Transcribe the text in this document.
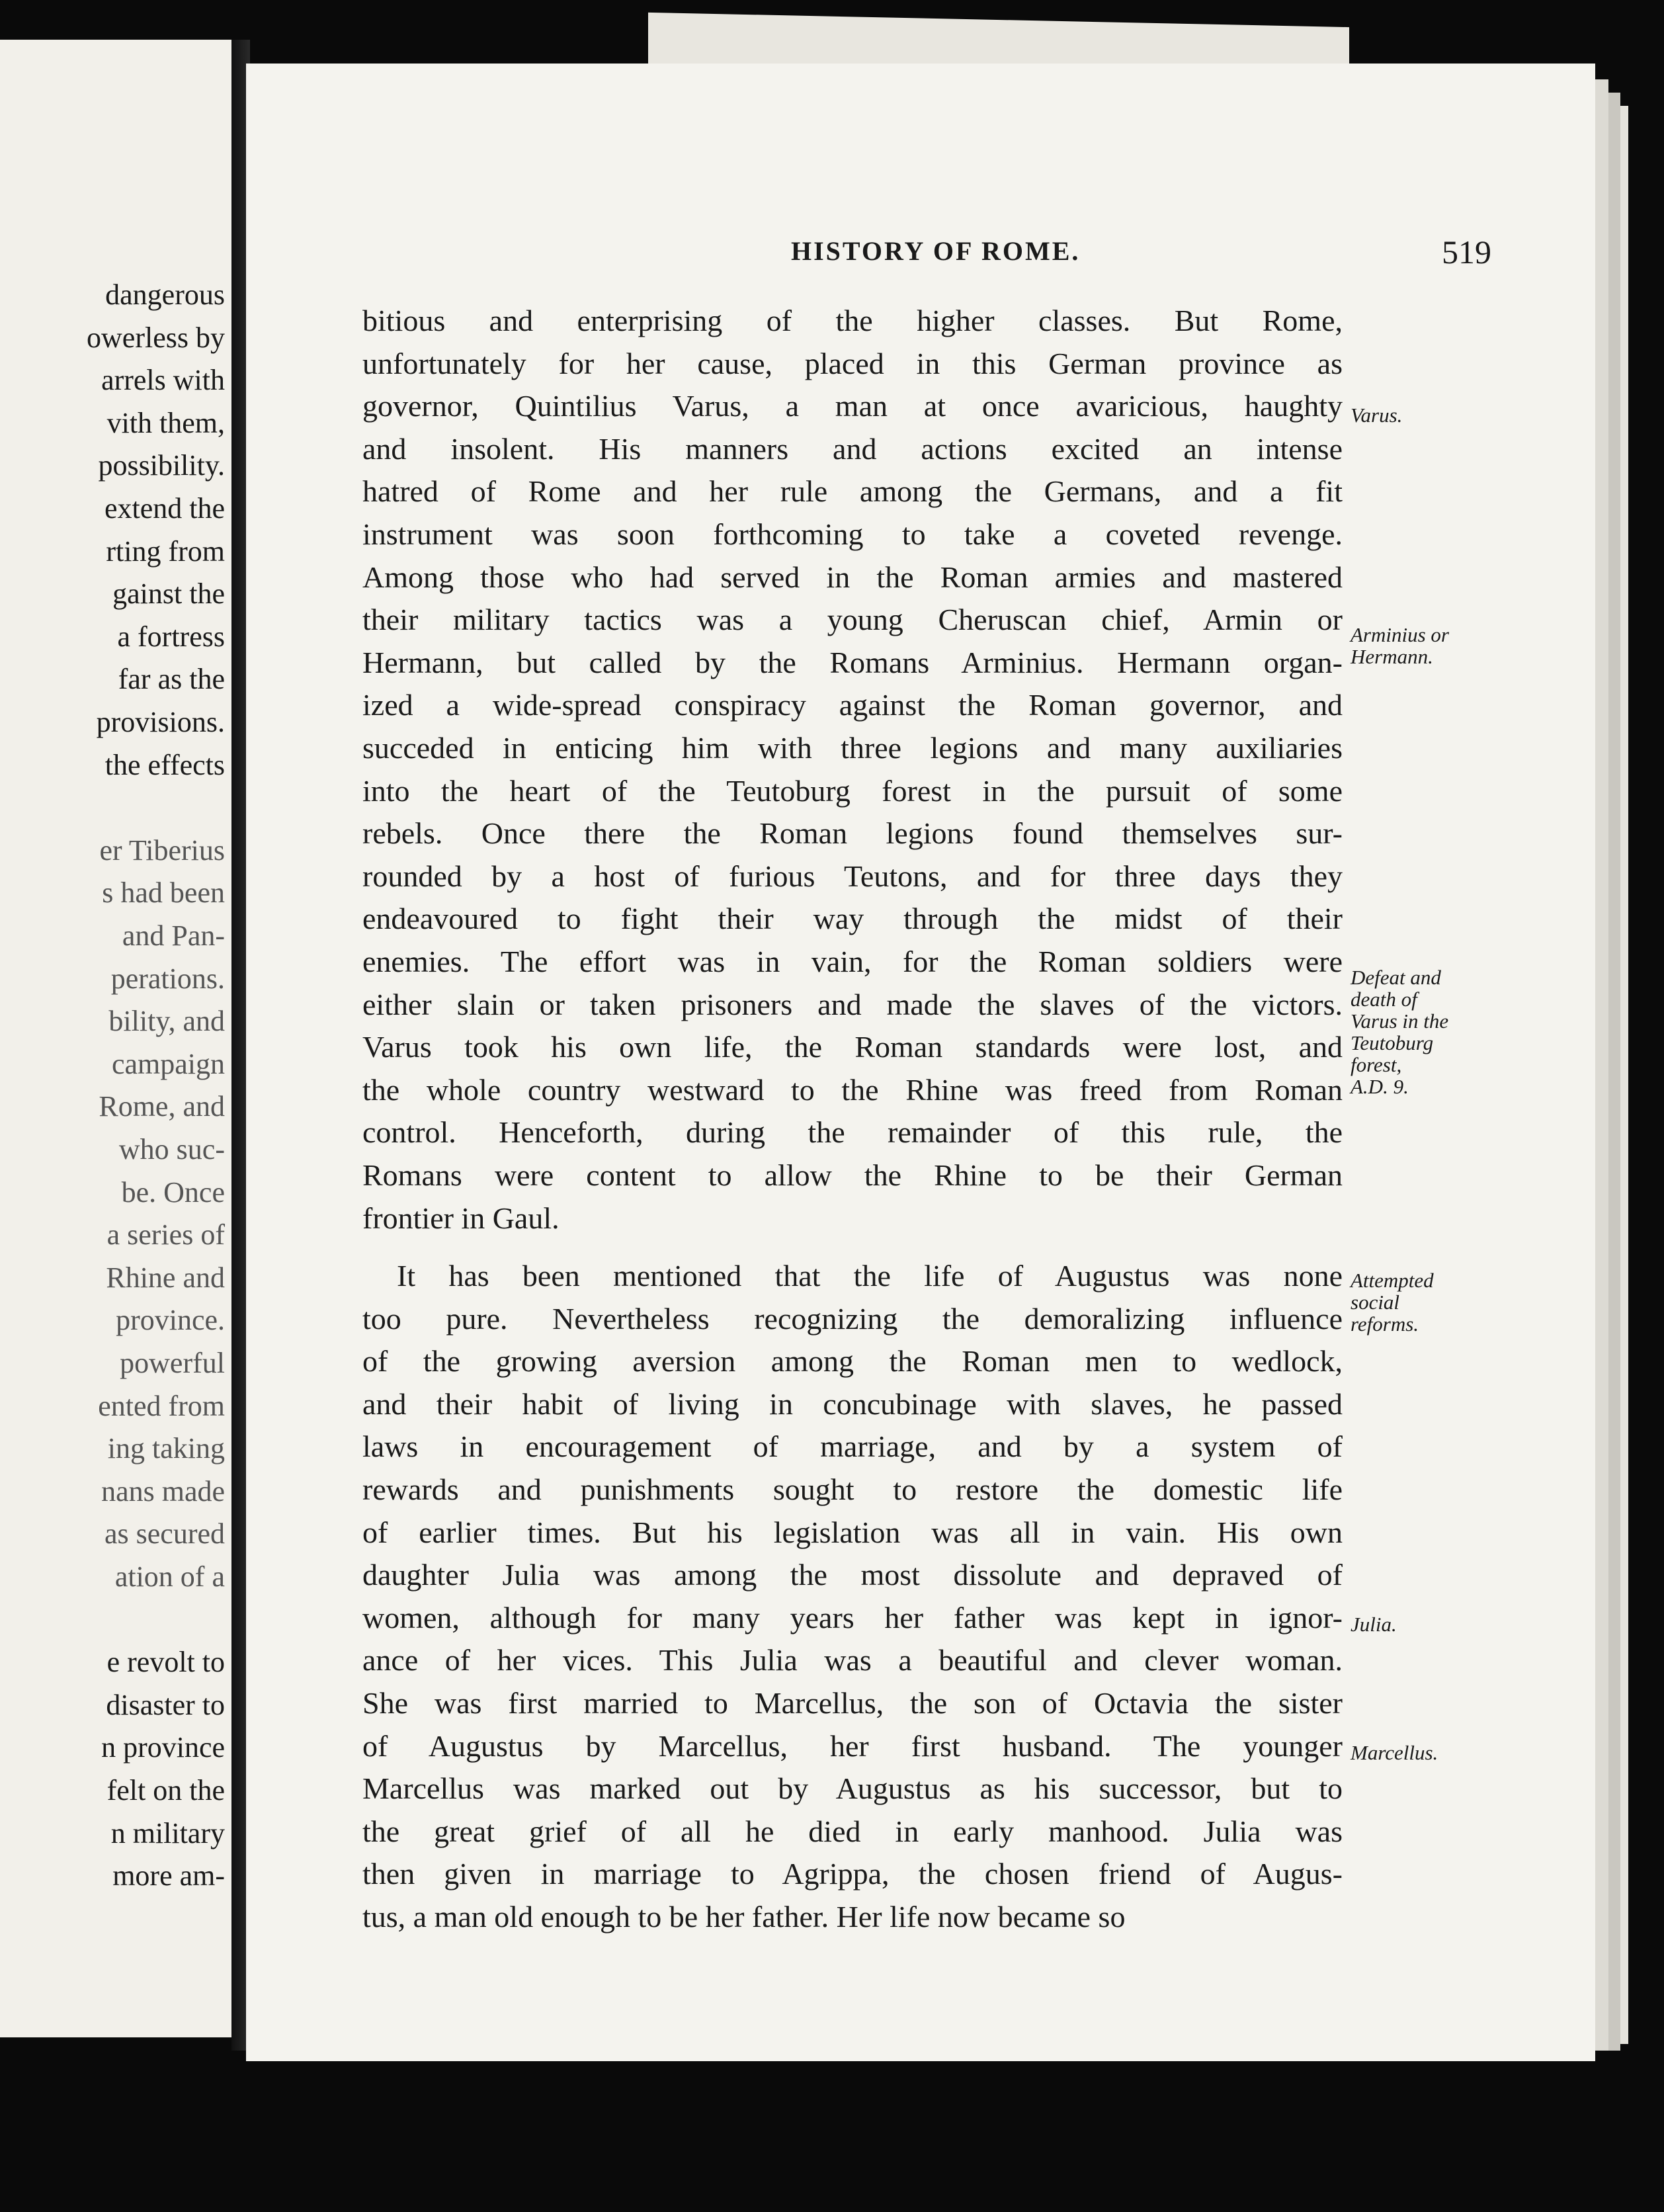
dangerous
owerless by
arrels with
vith them,
possibility.
extend the
rting from
gainst the
a fortress
far as the
provisions.
the effects
er Tiberius
s had been
and Pan-
perations.
bility, and
campaign
Rome, and
who suc-
be. Once
a series of
Rhine and
province.
powerful
ented from
ing taking
nans made
as secured
ation of a
e revolt to
disaster to
n province
felt on the
n military
more am-
HISTORY OF ROME.	519
bitious and enterprising of the higher classes. But Rome,
unfortunately for her cause, placed in this German province as
governor, Quintilius Varus, a man at once avaricious, haughty
and insolent. His manners and actions excited an intense
hatred of Rome and her rule among the Germans, and a fit
instrument was soon forthcoming to take a coveted revenge.
Among those who had served in the Roman armies and mastered
their military tactics was a young Cheruscan chief, Armin or
Hermann, but called by the Romans Arminius. Hermann organ-
ized a wide-spread conspiracy against the Roman governor, and
succeded in enticing him with three legions and many auxiliaries
into the heart of the Teutoburg forest in the pursuit of some
rebels. Once there the Roman legions found themselves sur-
rounded by a host of furious Teutons, and for three days they
endeavoured to fight their way through the midst of their
enemies. The effort was in vain, for the Roman soldiers were
either slain or taken prisoners and made the slaves of the victors.
Varus took his own life, the Roman standards were lost, and
the whole country westward to the Rhine was freed from Roman
control. Henceforth, during the remainder of this rule, the
Romans were content to allow the Rhine to be their German
frontier in Gaul.
It has been mentioned that the life of Augustus was none
too pure. Nevertheless recognizing the demoralizing influence
of the growing aversion among the Roman men to wedlock,
and their habit of living in concubinage with slaves, he passed
laws in encouragement of marriage, and by a system of
rewards and punishments sought to restore the domestic life
of earlier times. But his legislation was all in vain. His own
daughter Julia was among the most dissolute and depraved of
women, although for many years her father was kept in ignor-
ance of her vices. This Julia was a beautiful and clever woman.
She was first married to Marcellus, the son of Octavia the sister
of Augustus by Marcellus, her first husband. The younger
Marcellus was marked out by Augustus as his successor, but to
the great grief of all he died in early manhood. Julia was
then given in marriage to Agrippa, the chosen friend of Augus-
tus, a man old enough to be her father. Her life now became so
Varus.
Arminius or
Hermann.
Defeat and
death of
Varus in the
Teutoburg
forest,
A.D. 9.
Attempted
social
reforms.
Julia.
Marcellus.
